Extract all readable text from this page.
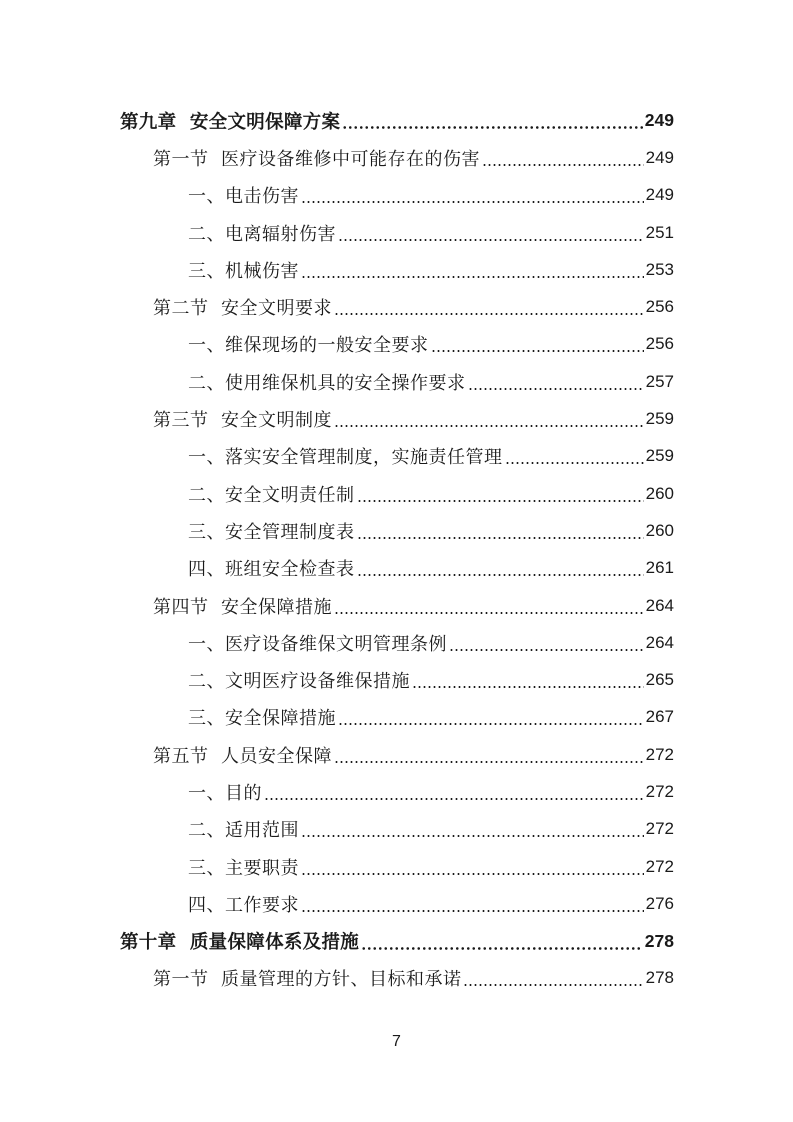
第九章  安全文明保障方案	249
第一节  医疗设备维修中可能存在的伤害	249
一、电击伤害	249
二、电离辐射伤害	251
三、机械伤害	253
第二节  安全文明要求	256
一、维保现场的一般安全要求	256
二、使用维保机具的安全操作要求	257
第三节  安全文明制度	259
一、落实安全管理制度，实施责任管理	259
二、安全文明责任制	260
三、安全管理制度表	260
四、班组安全检查表	261
第四节  安全保障措施	264
一、医疗设备维保文明管理条例	264
二、文明医疗设备维保措施	265
三、安全保障措施	267
第五节  人员安全保障	272
一、目的	272
二、适用范围	272
三、主要职责	272
四、工作要求	276
第十章  质量保障体系及措施	278
第一节  质量管理的方针、目标和承诺	278
7
